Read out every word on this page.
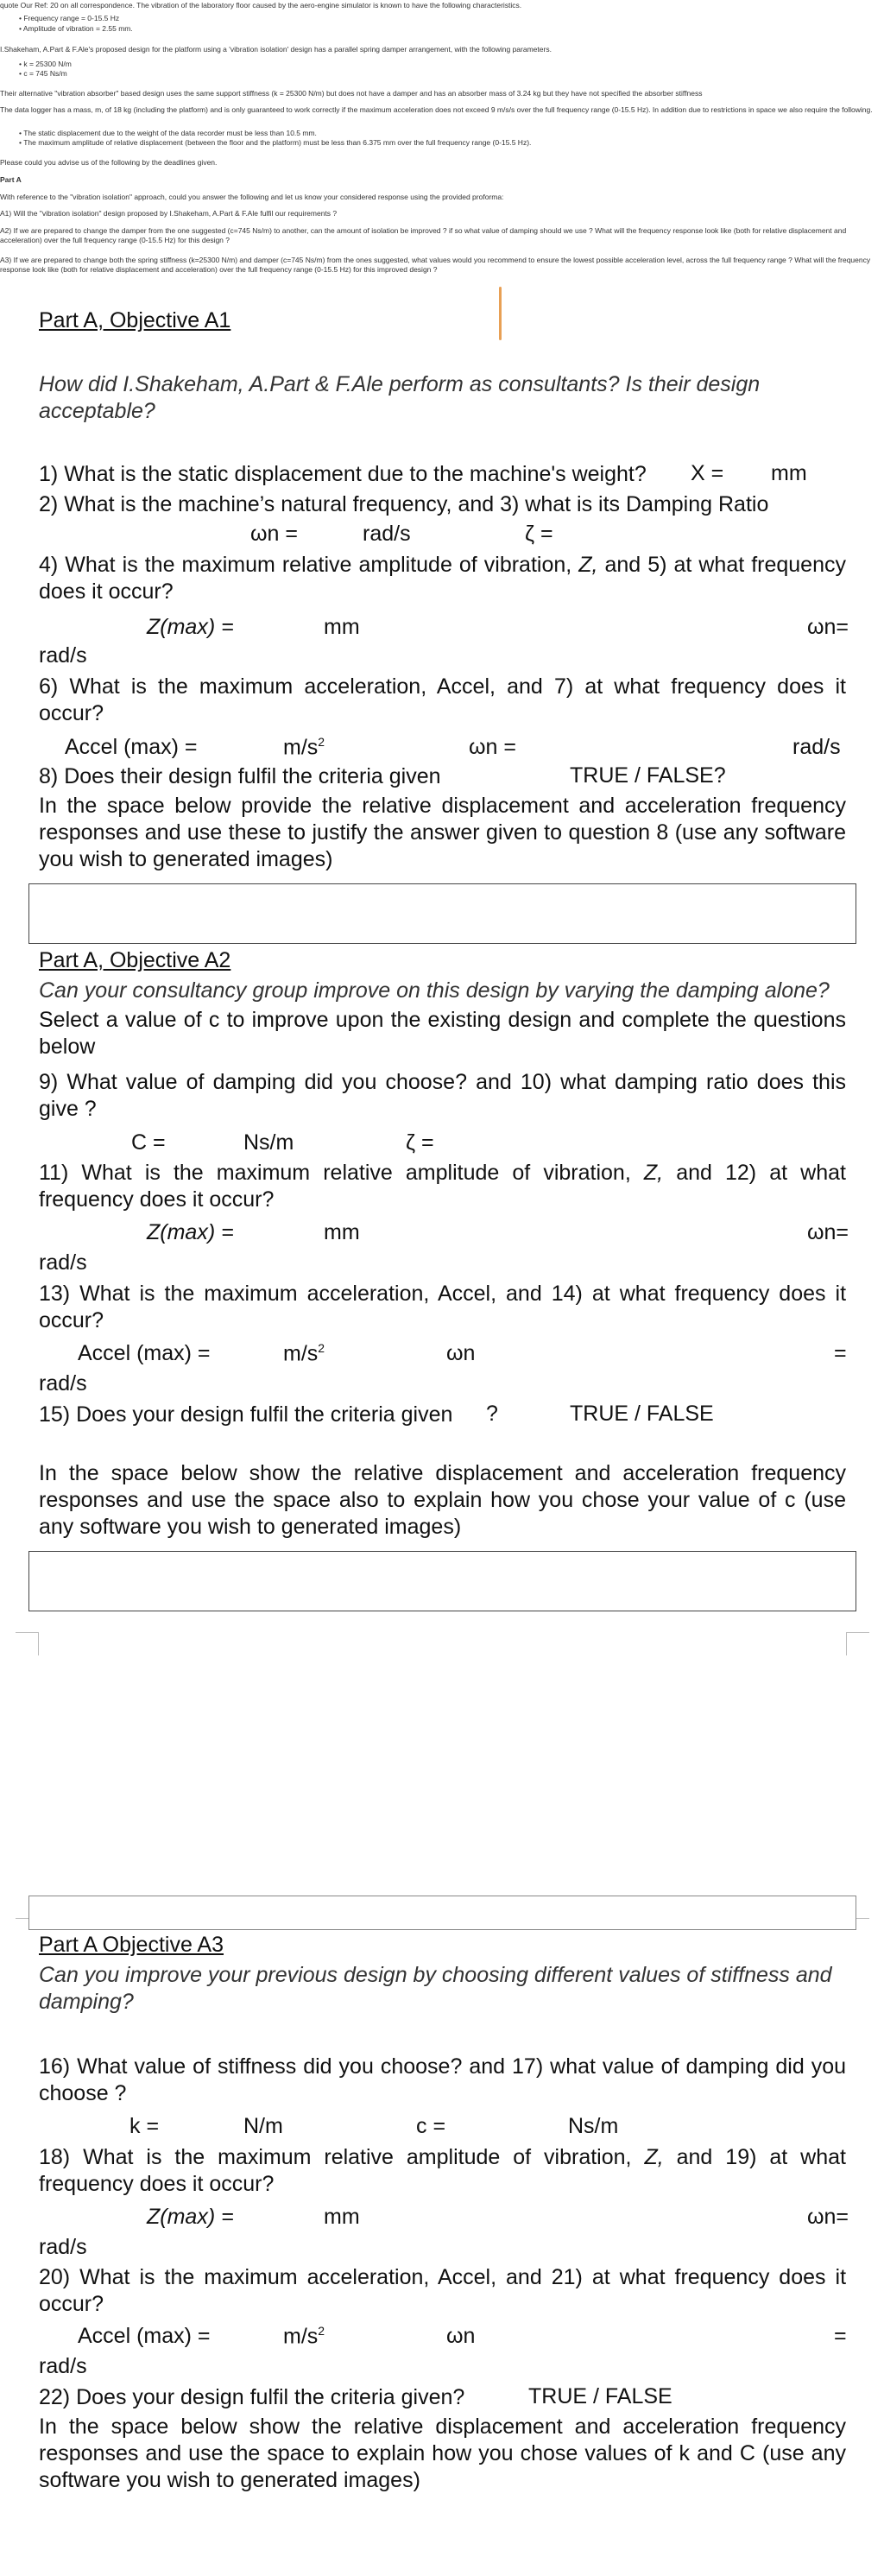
quote Our Ref: 20 on all correspondence. The vibration of the laboratory floor caused by the aero-engine simulator is known to have the following characteristics.
• Frequency range = 0-15.5 Hz
• Amplitude of vibration = 2.55 mm.
I.Shakeham, A.Part & F.Ale's proposed design for the platform using a 'vibration isolation' design has a parallel spring damper arrangement, with the following parameters.
• k = 25300 N/m
• c = 745 Ns/m
Their alternative "vibration absorber" based design uses the same support stiffness (k = 25300 N/m) but does not have a damper and has an absorber mass of 3.24 kg but they have not specified the absorber stiffness
The data logger has a mass, m, of 18 kg (including the platform) and is only guaranteed to work correctly if the maximum acceleration does not exceed 9 m/s/s over the full frequency range (0-15.5 Hz). In addition due to restrictions in space we also require the following.
• The static displacement due to the weight of the data recorder must be less than 10.5 mm.
• The maximum amplitude of relative displacement (between the floor and the platform) must be less than 6.375 mm over the full frequency range (0-15.5 Hz).
Please could you advise us of the following by the deadlines given.
Part A
With reference to the "vibration isolation" approach, could you answer the following and let us know your considered response using the provided proforma:
A1) Will the "vibration isolation" design proposed by I.Shakeham, A.Part & F.Ale fulfil our requirements ?
A2) If we are prepared to change the damper from the one suggested (c=745 Ns/m) to another, can the amount of isolation be improved ? if so what value of damping should we use ? What will the frequency response look like (both for relative displacement and acceleration) over the full frequency range (0-15.5 Hz) for this design ?
A3) If we are prepared to change both the spring stiffness (k=25300 N/m) and damper (c=745 Ns/m) from the ones suggested, what values would you recommend to ensure the lowest possible acceleration level, across the full frequency range ? What will the frequency response look like (both for relative displacement and acceleration) over the full frequency range (0-15.5 Hz) for this improved design ?
Part A, Objective A1
How did I.Shakeham, A.Part & F.Ale perform as consultants? Is their design acceptable?
1) What is the static displacement due to the machine's weight? X = mm
2) What is the machine’s natural frequency, and 3) what is its Damping Ratio
ωn =	rad/s	ζ =
4) What is the maximum relative amplitude of vibration, Z, and 5) at what frequency does it occur?
Z(max) =	mm	ωn=
rad/s
6) What is the maximum acceleration, Accel, and 7) at what frequency does it occur?
Accel (max) =	$m/s^2$	ωn =	rad/s
8) Does their design fulfil the criteria given	TRUE / FALSE?
In the space below provide the relative displacement and acceleration frequency responses and use these to justify the answer given to question 8 (use any software you wish to generated images)
Part A, Objective A2
Can your consultancy group improve on this design by varying the damping alone?
Select a value of c to improve upon the existing design and complete the questions below
9) What value of damping did you choose? and 10) what damping ratio does this give ?
C =	Ns/m	ζ =
11) What is the maximum relative amplitude of vibration, Z, and 12) at what frequency does it occur?
Z(max) =	mm	ωn=
rad/s
13) What is the maximum acceleration, Accel, and 14) at what frequency does it occur?
Accel (max) =	$m/s^2$	ωn	=
rad/s
15) Does your design fulfil the criteria given ?	TRUE / FALSE
In the space below show the relative displacement and acceleration frequency responses and use the space also to explain how you chose your value of c (use any software you wish to generated images)
Part A Objective A3
Can you improve your previous design by choosing different values of stiffness and damping?
16) What value of stiffness did you choose? and 17) what value of damping did you choose ?
k =	N/m	c =	Ns/m
18) What is the maximum relative amplitude of vibration, Z, and 19) at what frequency does it occur?
Z(max) =	mm	ωn=
rad/s
20) What is the maximum acceleration, Accel, and 21) at what frequency does it occur?
Accel (max) =	$m/s^2$	ωn	=
rad/s
22) Does your design fulfil the criteria given?	TRUE / FALSE
In the space below show the relative displacement and acceleration frequency responses and use the space to explain how you chose values of k and C (use any software you wish to generated images)
